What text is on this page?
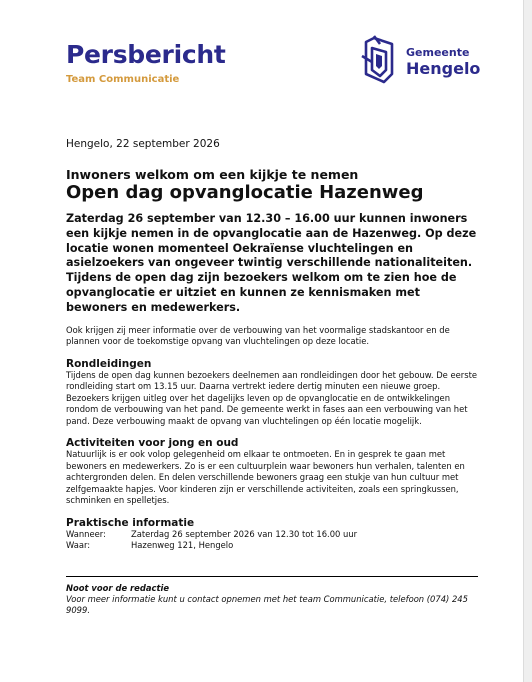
Persbericht
Team Communicatie
Gemeente
Hengelo
Hengelo, 22 september 2026
Inwoners welkom om een kijkje te nemen
Open dag opvanglocatie Hazenweg

Zaterdag 26 september van 12.30 – 16.00 uur kunnen inwoners een kijkje nemen in de opvanglocatie aan de Hazenweg. Op deze locatie wonen momenteel Oekraïense vluchtelingen en asielzoekers van ongeveer twintig verschillende nationaliteiten. Tijdens de open dag zijn bezoekers welkom om te zien hoe de opvanglocatie er uitziet en kunnen ze kennismaken met bewoners en medewerkers.

Ook krijgen zij meer informatie over de verbouwing van het voormalige stadskantoor en de plannen voor de toekomstige opvang van vluchtelingen op deze locatie.

Rondleidingen

Tijdens de open dag kunnen bezoekers deelnemen aan rondleidingen door het gebouw. De eerste rondleiding start om 13.15 uur. Daarna vertrekt iedere dertig minuten een nieuwe groep. Bezoekers krijgen uitleg over het dagelijks leven op de opvanglocatie en de ontwikkelingen rondom de verbouwing van het pand. De gemeente werkt in fases aan een verbouwing van het pand. Deze verbouwing maakt de opvang van vluchtelingen op één locatie mogelijk.

Activiteiten voor jong en oud

Natuurlijk is er ook volop gelegenheid om elkaar te ontmoeten. En in gesprek te gaan met bewoners en medewerkers. Zo is er een cultuurplein waar bewoners hun verhalen, talenten en achtergronden delen. En delen verschillende bewoners graag een stukje van hun cultuur met zelfgemaakte hapjes. Voor kinderen zijn er verschillende activiteiten, zoals een springkussen, schminken en spelletjes.

Praktische informatie
Wanneer:	Zaterdag 26 september 2026 van 12.30 tot 16.00 uur
Waar:	Hazenweg 121, Hengelo
Noot voor de redactie
Voor meer informatie kunt u contact opnemen met het team Communicatie, telefoon (074) 245 9099.
